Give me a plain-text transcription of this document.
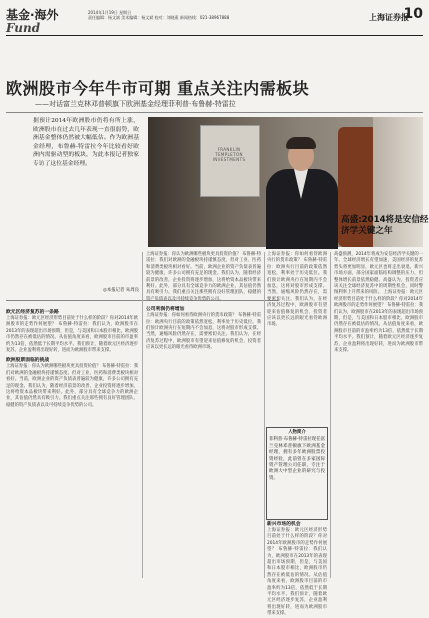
基金·海外
Fund
2014年1月19日 星期日
责任编辑：杨文斌 美术编辑：杨文斌 校对：刘晓燕 新闻热线：021-38967888	上海证券报
10
欧洲股市今年牛市可期 重点关注内需板块
——对话富兰克林邓普顿旗下欧洲基金经理菲利普·布鲁赫-特雷拉
据预计2014年欧洲股市仍将有所上涨，欧洲股市在过去几年表现一直很弱势，欧洲基金整体仍然被大幅低估。作为欧洲基金经理，布鲁赫-特雷拉今年比较看好欧洲内需驱动型的板块，为此本报记者独家专访了这位基金经理。
◎本报记者 朱周良
FRANKLIN TEMPLETON INVESTMENTS
高盛:2014将是安信经济学关键之年
欧元区经济复苏的一条路
上海证券报：欧元区经济形势目前处于什么样的阶段？你对2014年欧洲股市的走势作何展望？ 布鲁赫-特雷拉：我们认为，欧洲股市在2013年的表现超出市场预期，但是，与美国和日本股市相比，欧洲股市仍然存在被低估的情况。从估值角度来看，欧洲股市目前的市盈率约为13倍，依然低于长期平均水平。我们预计，随着欧元区经济逐步复苏，企业盈利将出现好转，进而为欧洲股市带来支撑。
欧洲股票面临的挑战
上海证券报：你认为欧洲哪些板块更具投资价值？ 布鲁赫-特雷拉：我们对欧洲的金融板块持谨慎态度，但对工业、医药和消费类板块相对看好。当前，欧洲企业的资产负债表普遍较为健康，许多公司拥有充足的现金。我们认为，随着经济前景的改善，企业投资将逐步增加，这将给资本品板块带来利好。此外，部分具有全球竞争力的欧洲企业，其估值仍然具有吸引力。我们重点关注那些拥有良好管理团队、稳健的资产负债表以及可持续竞争优势的公司。
上海证券报：你认为欧洲哪些板块更具投资价值？ 布鲁赫-特雷拉：我们对欧洲的金融板块持谨慎态度，但对工业、医药和消费类板块相对看好。当前，欧洲企业的资产负债表普遍较为健康，许多公司拥有充足的现金。我们认为，随着经济前景的改善，企业投资将逐步增加，这将给资本品板块带来利好。此外，部分具有全球竞争力的欧洲企业，其估值仍然具有吸引力。我们重点关注那些拥有良好管理团队、稳健的资产负债表以及可持续竞争优势的公司。
公司利润仍将增加
上海证券报：你如何看待欧洲央行的货币政策？ 布鲁赫-特雷拉：欧洲央行目前的政策依然宽松，利率处于历史低位。我们预计欧洲央行在短期内不会加息，这将对股市形成支撑。当然，通缩风险仍然存在，需要密切关注。我们认为，在经济复苏过程中，欧洲股市有望迎来估值修复的机会，投资者应该以更长远的眼光看待欧洲市场。
上海证券报：你如何看待欧洲央行的货币政策？ 布鲁赫-特雷拉：欧洲央行目前的政策依然宽松，利率处于历史低位。我们预计欧洲央行在短期内不会加息，这将对股市形成支撑。当然，通缩风险仍然存在，需要密切关注。我们认为，在经济复苏过程中，欧洲股市有望迎来估值修复的机会，投资者应该以更长远的眼光看待欧洲市场。
人物简介
菲利普·布鲁赫-特雷拉现任富兰克林邓普顿旗下欧洲基金经理，拥有多年欧洲股票投资经验，此前曾在多家国际资产管理公司任职，专注于欧洲大中型企业的研究与投资。
新兴市场的机会
上海证券报：欧元区经济形势目前处于什么样的阶段？你对2014年欧洲股市的走势作何展望？ 布鲁赫-特雷拉：我们认为，欧洲股市在2013年的表现超出市场预期，但是，与美国和日本股市相比，欧洲股市仍然存在被低估的情况。从估值角度来看，欧洲股市目前的市盈率约为13倍，依然低于长期平均水平。我们预计，随着欧元区经济逐步复苏，企业盈利将出现好转，进而为欧洲股市带来支撑。
高盛预测，2014年将成为安信经济学关键的一年。全球经济增长有望加速，美国经济的复苏势头将更加明显，欧元区也将走出衰退。新兴市场方面，部分国家面临结构调整的压力，但整体增长前景依然稳健。高盛认为，投资者应该关注全球经济复苏中的周期性机会，同时警惕利率上升带来的风险。 上海证券报：欧元区经济形势目前处于什么样的阶段？你对2014年欧洲股市的走势作何展望？ 布鲁赫-特雷拉：我们认为，欧洲股市在2013年的表现超出市场预期，但是，与美国和日本股市相比，欧洲股市仍然存在被低估的情况。从估值角度来看，欧洲股市目前的市盈率约为13倍，依然低于长期平均水平。我们预计，随着欧元区经济逐步复苏，企业盈利将出现好转，进而为欧洲股市带来支撑。
